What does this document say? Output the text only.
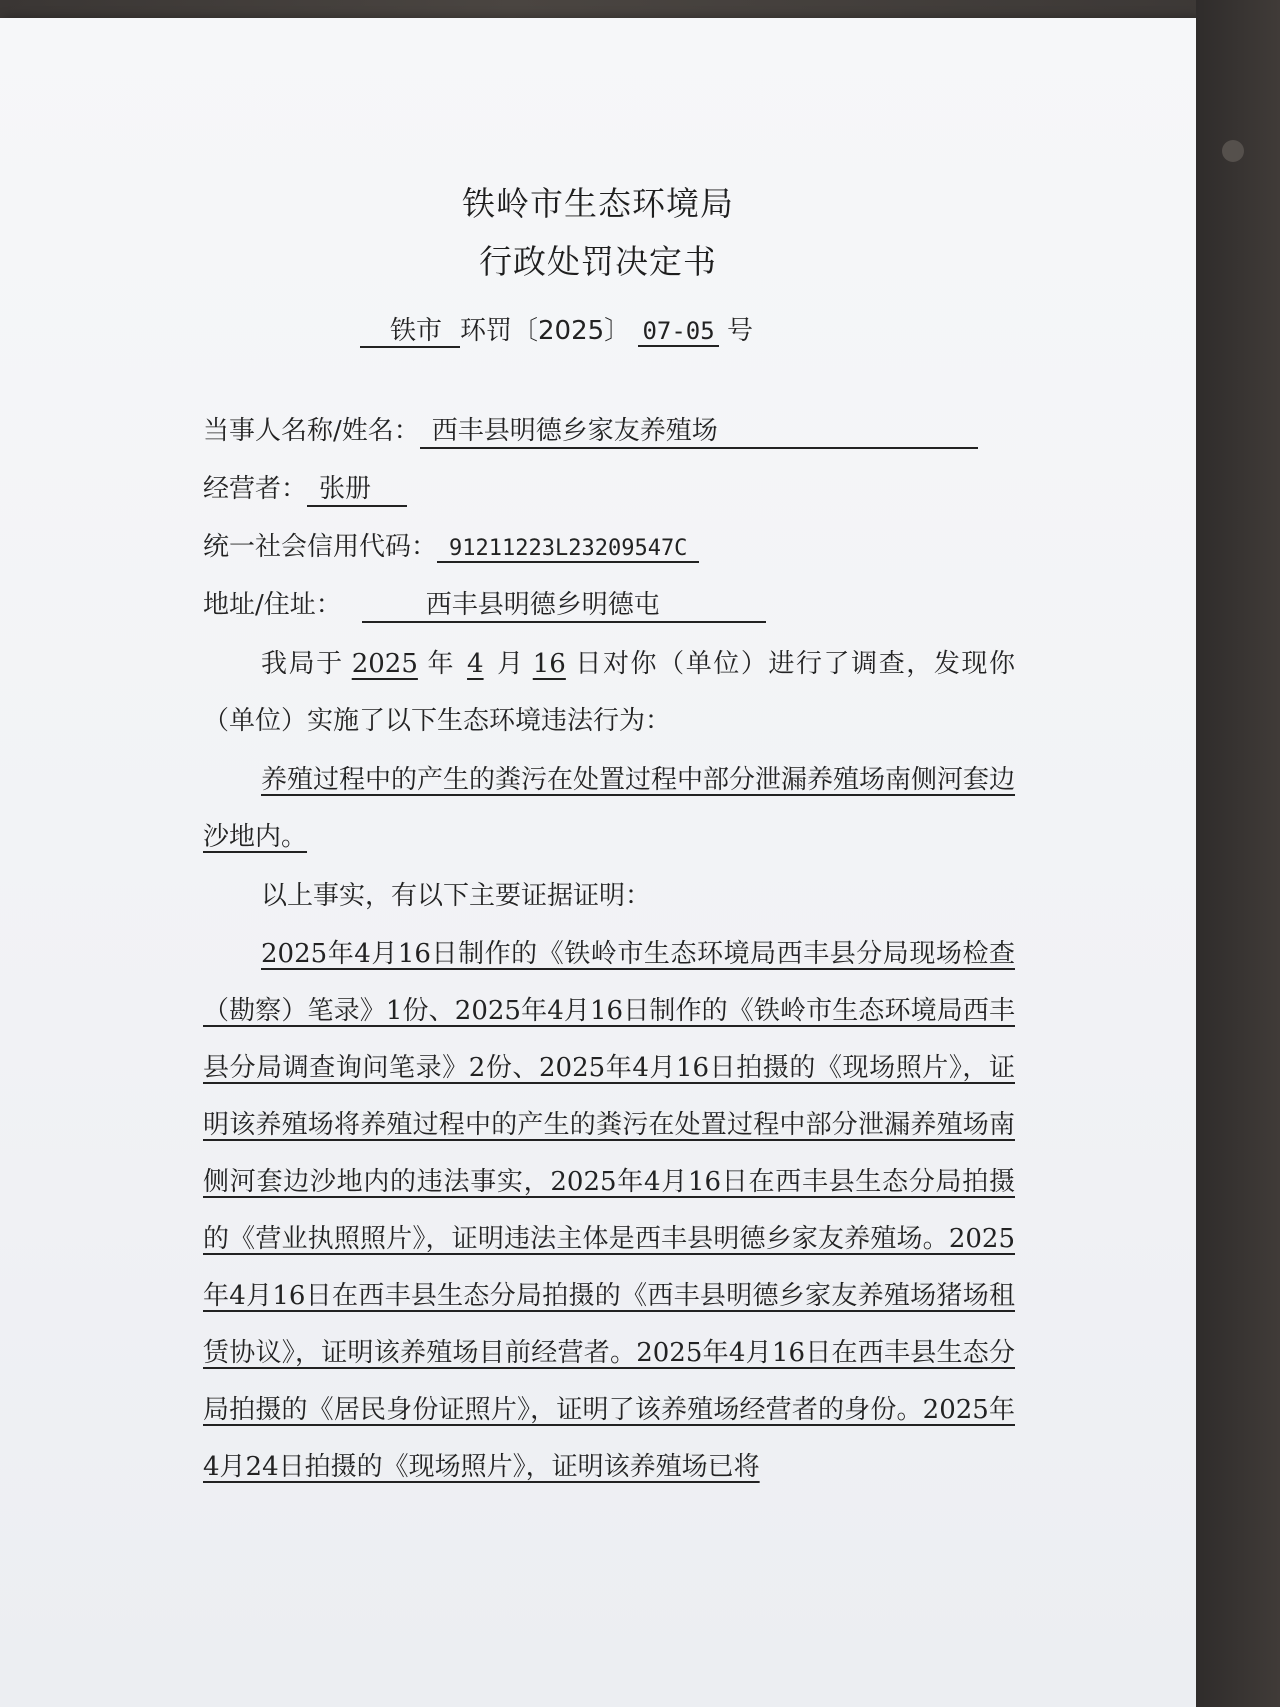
铁岭市生态环境局
行政处罚决定书
铁市 环罚〔2025〕 07-05 号
当事人名称/姓名： 西丰县明德乡家友养殖场
经营者： 张册
统一社会信用代码： 91211223L23209547C
地址/住址：	西丰县明德乡明德屯
我局于 2025 年 4 月 16 日对你（单位）进行了调查，发现你（单位）实施了以下生态环境违法行为：
养殖过程中的产生的粪污在处置过程中部分泄漏养殖场南侧河套边沙地内。
以上事实，有以下主要证据证明：
2025年4月16日制作的《铁岭市生态环境局西丰县分局现场检查（勘察）笔录》1份、2025年4月16日制作的《铁岭市生态环境局西丰县分局调查询问笔录》2份、2025年4月16日拍摄的《现场照片》，证明该养殖场将养殖过程中的产生的粪污在处置过程中部分泄漏养殖场南侧河套边沙地内的违法事实，2025年4月16日在西丰县生态分局拍摄的《营业执照照片》，证明违法主体是西丰县明德乡家友养殖场。2025年4月16日在西丰县生态分局拍摄的《西丰县明德乡家友养殖场猪场租赁协议》，证明该养殖场目前经营者。2025年4月16日在西丰县生态分局拍摄的《居民身份证照片》，证明了该养殖场经营者的身份。2025年4月24日拍摄的《现场照片》，证明该养殖场已将
